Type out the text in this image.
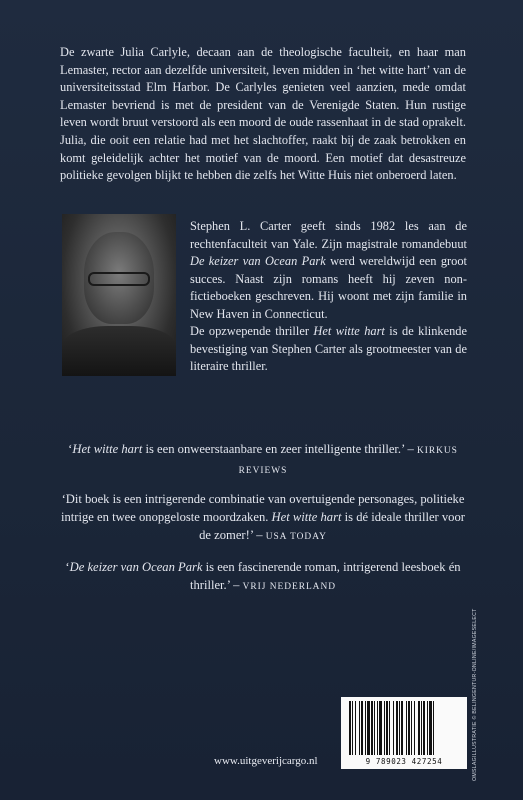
De zwarte Julia Carlyle, decaan aan de theologische faculteit, en haar man Lemaster, rector aan dezelfde universiteit, leven midden in ‘het witte hart’ van de universiteitsstad Elm Harbor. De Carlyles genieten veel aanzien, mede omdat Lemaster bevriend is met de president van de Verenigde Staten. Hun rustige leven wordt bruut verstoord als een moord de oude rassenhaat in de stad oprakelt. Julia, die ooit een relatie had met het slachtoffer, raakt bij de zaak betrokken en komt geleidelijk achter het motief van de moord. Een motief dat desastreuze politieke gevolgen blijkt te hebben die zelfs het Witte Huis niet onberoerd laten.

Stephen L. Carter geeft sinds 1982 les aan de rechtenfaculteit van Yale. Zijn magistrale romandebuut De keizer van Ocean Park werd wereldwijd een groot succes. Naast zijn romans heeft hij zeven non-fictieboeken geschreven. Hij woont met zijn familie in New Haven in Connecticut.

De opzwepende thriller Het witte hart is de klinkende bevestiging van Stephen Carter als grootmeester van de literaire thriller.

‘Het witte hart is een onweerstaanbare en zeer intelligente thriller.’ – KIRKUS REVIEWS

‘Dit boek is een intrigerende combinatie van overtuigende personages, politieke intrige en twee onopgeloste moordzaken. Het witte hart is dé ideale thriller voor de zomer!’ – USA TODAY

‘De keizer van Ocean Park is een fascinerende roman, intrigerend leesboek én thriller.’ – VRIJ NEDERLAND

9 789023 427254
www.uitgeverijcargo.nl	OMSLAGILLUSTRATIE © BELINGENTUR-ONLINE/IMAGESELECT
